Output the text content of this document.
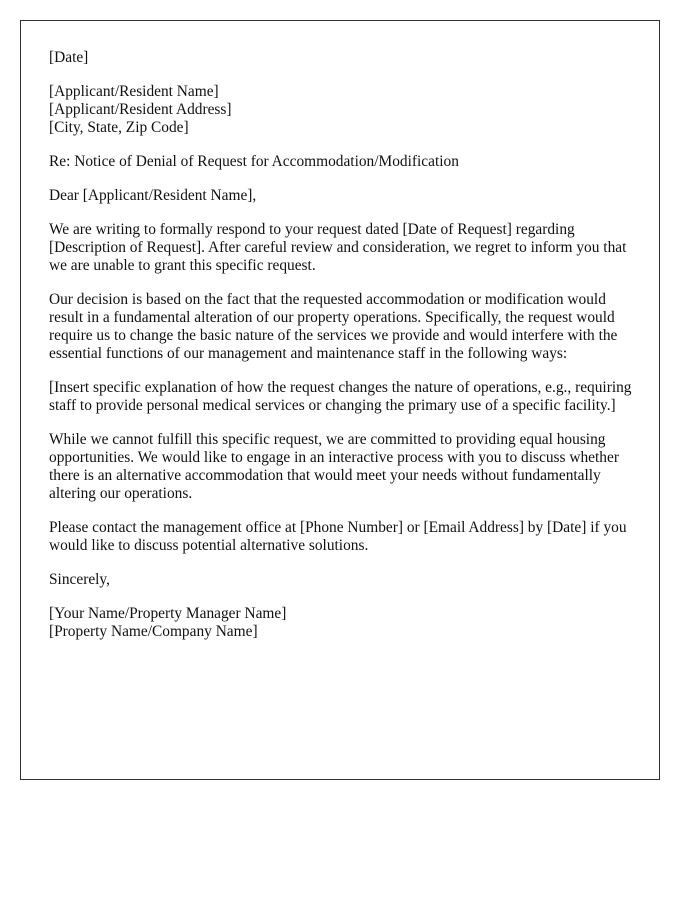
[Date]

[Applicant/Resident Name]
[Applicant/Resident Address]
[City, State, Zip Code]

Re: Notice of Denial of Request for Accommodation/Modification

Dear [Applicant/Resident Name],

We are writing to formally respond to your request dated [Date of Request] regarding [Description of Request]. After careful review and consideration, we regret to inform you that we are unable to grant this specific request.

Our decision is based on the fact that the requested accommodation or modification would result in a fundamental alteration of our property operations. Specifically, the request would require us to change the basic nature of the services we provide and would interfere with the essential functions of our management and maintenance staff in the following ways:

[Insert specific explanation of how the request changes the nature of operations, e.g., requiring staff to provide personal medical services or changing the primary use of a specific facility.]

While we cannot fulfill this specific request, we are committed to providing equal housing opportunities. We would like to engage in an interactive process with you to discuss whether there is an alternative accommodation that would meet your needs without fundamentally altering our operations.

Please contact the management office at [Phone Number] or [Email Address] by [Date] if you would like to discuss potential alternative solutions.

Sincerely,

[Your Name/Property Manager Name]
[Property Name/Company Name]
